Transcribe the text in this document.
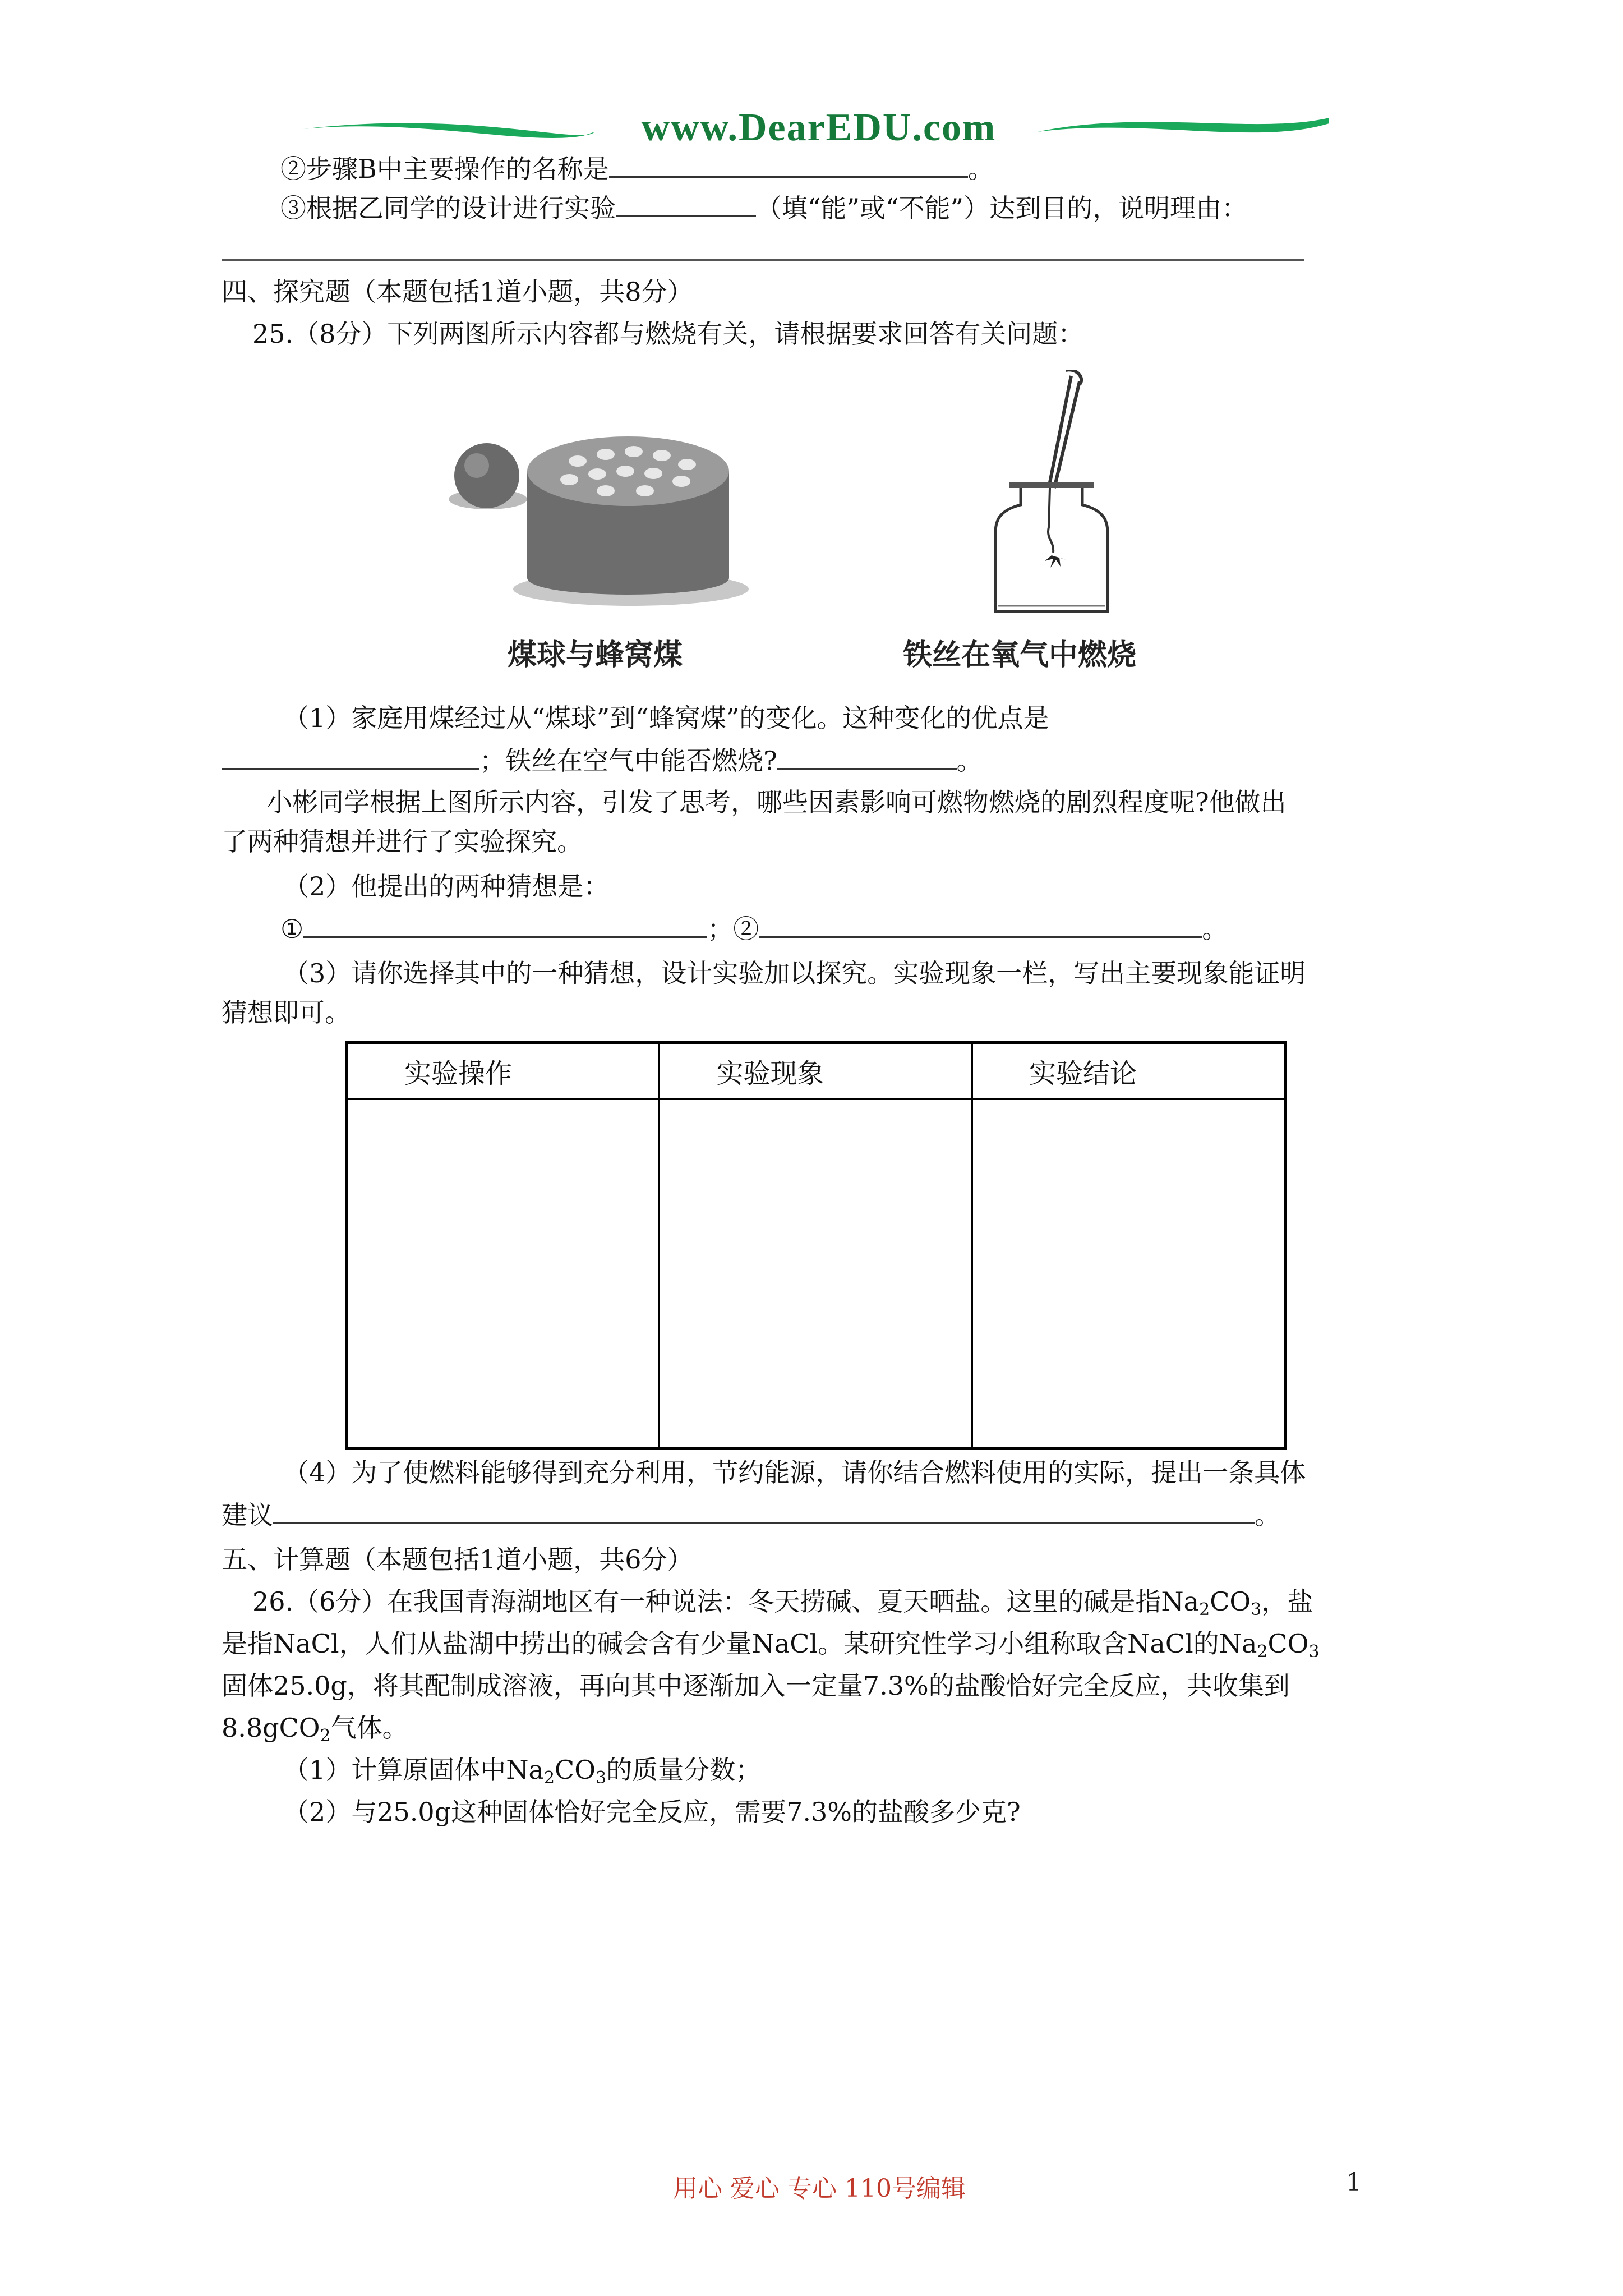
www.DearEDU.com
②步骤B中主要操作的名称是	。
③根据乙同学的设计进行实验	（填“能”或“不能”）达到目的，说明理由：
四、探究题（本题包括1道小题，共8分）
25.（8分）下列两图所示内容都与燃烧有关，请根据要求回答有关问题：
煤球与蜂窝煤	铁丝在氧气中燃烧
（1）家庭用煤经过从“煤球”到“蜂窝煤”的变化。这种变化的优点是
；铁丝在空气中能否燃烧?	。
小彬同学根据上图所示内容，引发了思考，哪些因素影响可燃物燃烧的剧烈程度呢?他做出
了两种猜想并进行了实验探究。
（2）他提出的两种猜想是：
①	；②	。
（3）请你选择其中的一种猜想，设计实验加以探究。实验现象一栏，写出主要现象能证明
猜想即可。
实验操作	实验现象	实验结论

（4）为了使燃料能够得到充分利用，节约能源，请你结合燃料使用的实际，提出一条具体
建议	。
五、计算题（本题包括1道小题，共6分）
26.（6分）在我国青海湖地区有一种说法：冬天捞碱、夏天晒盐。这里的碱是指$Na_2CO_3$，盐
是指NaCl，人们从盐湖中捞出的碱会含有少量NaCl。某研究性学习小组称取含NaCl的$Na_2CO_3$
固体25.0g，将其配制成溶液，再向其中逐渐加入一定量7.3%的盐酸恰好完全反应，共收集到
8.8gCO$_2$气体。
（1）计算原固体中$Na_2CO_3$的质量分数；
（2）与25.0g这种固体恰好完全反应，需要7.3%的盐酸多少克?
用心 爱心 专心 110号编辑	1
